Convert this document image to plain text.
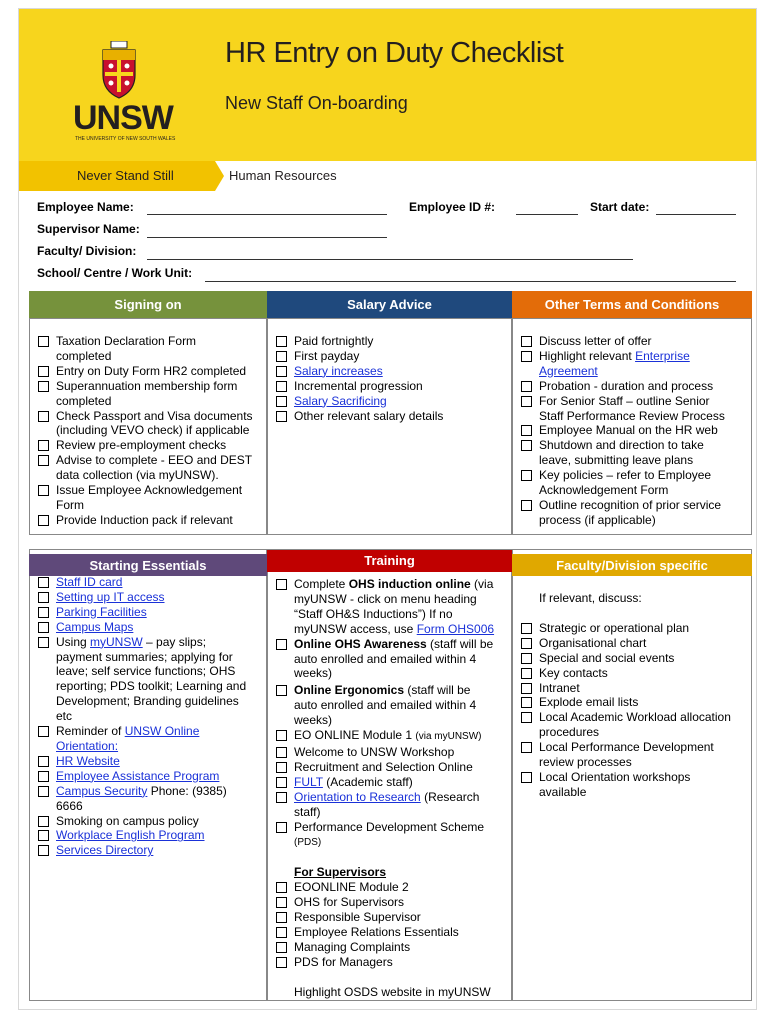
UNSW
THE UNIVERSITY OF NEW SOUTH WALES
HR Entry on Duty Checklist
New Staff On-boarding
Never Stand Still	Human Resources
Employee Name:	Employee ID #:	Start date:
Supervisor Name:
Faculty/ Division:
School/ Centre / Work Unit:
Signing on	Salary Advice	Other Terms and Conditions
Taxation Declaration Form
completed
Entry on Duty Form HR2 completed
Superannuation membership form
completed
Check Passport and Visa documents
(including VEVO check) if applicable
Review pre-employment checks
Advise to complete - EEO and DEST
data collection (via myUNSW).
Issue Employee Acknowledgement
Form
Provide Induction pack if relevant
Paid fortnightly
First payday
Salary increases
Incremental progression
Salary Sacrificing
Other relevant salary details
Discuss letter of offer
Highlight relevant Enterprise
Agreement
Probation - duration and process
For Senior Staff – outline Senior
Staff Performance Review Process
Employee Manual on the HR web
Shutdown and direction to take
leave, submitting leave plans
Key policies – refer to Employee
Acknowledgement Form
Outline recognition of prior service
process (if applicable)
Starting Essentials	Training	Faculty/Division specific
Staff ID card
Setting up IT access
Parking Facilities
Campus Maps
Using myUNSW – pay slips;
payment summaries; applying for
leave; self service functions; OHS
reporting; PDS toolkit; Learning and
Development; Branding guidelines
etc
Reminder of UNSW Online
Orientation:
HR Website
Employee Assistance Program
Campus Security Phone: (9385)
6666
Smoking on campus policy
Workplace English Program
Services Directory
Complete OHS induction online (via
myUNSW - click on menu heading
“Staff OH&S Inductions”) If no
myUNSW access, use Form OHS006
Online OHS Awareness (staff will be
auto enrolled and emailed within 4
weeks)
Online Ergonomics (staff will be
auto enrolled and emailed within 4
weeks)
EO ONLINE Module 1 (via myUNSW)
Welcome to UNSW Workshop
Recruitment and Selection Online
FULT (Academic staff)
Orientation to Research (Research
staff)
Performance Development Scheme
(PDS)
For Supervisors
EOONLINE Module 2
OHS for Supervisors
Responsible Supervisor
Employee Relations Essentials
Managing Complaints
PDS for Managers
Highlight OSDS website in myUNSW
If relevant, discuss:
Strategic or operational plan
Organisational chart
Special and social events
Key contacts
Intranet
Explode email lists
Local Academic Workload allocation
procedures
Local Performance Development
review processes
Local Orientation workshops
available
